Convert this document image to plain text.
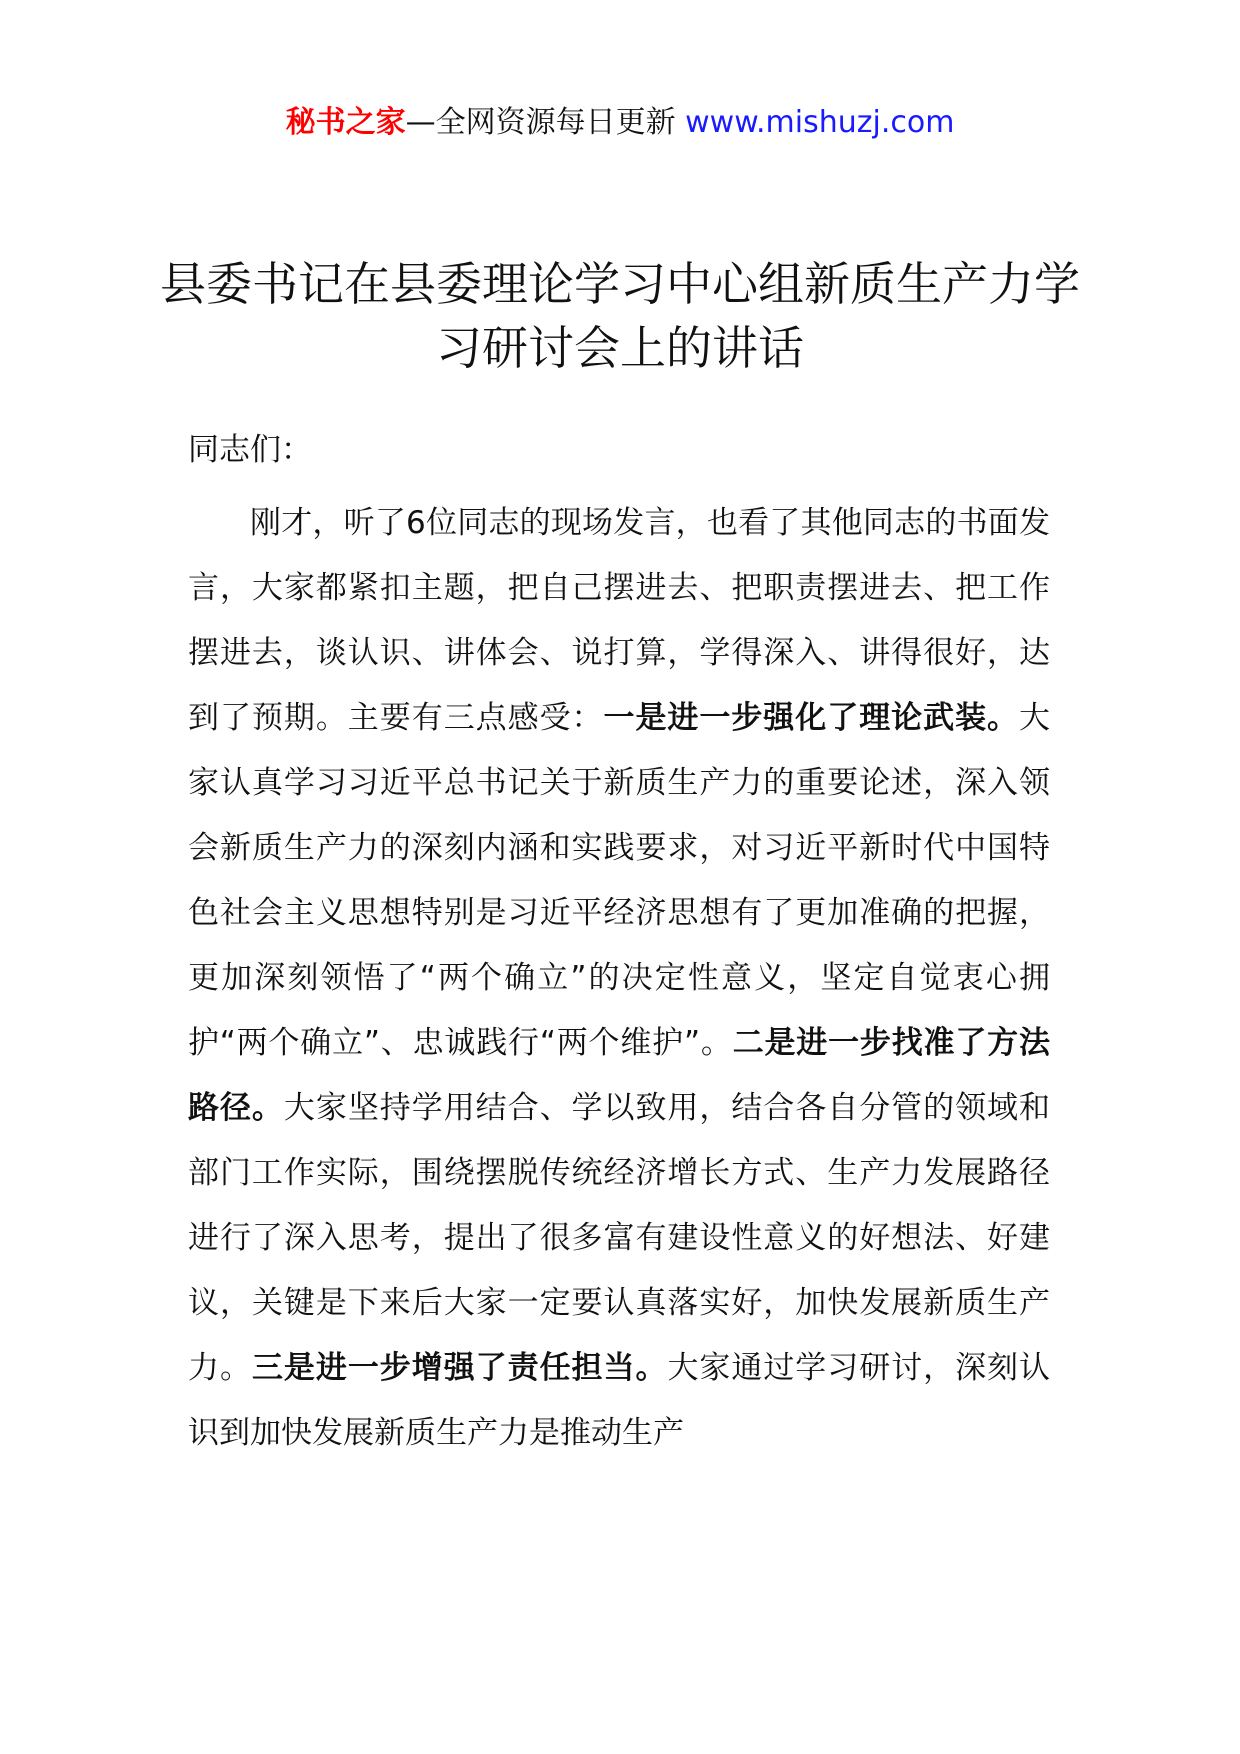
秘书之家—全网资源每日更新 www.mishuzj.com
县委书记在县委理论学习中心组新质生产力学习研讨会上的讲话

同志们：

刚才，听了6位同志的现场发言，也看了其他同志的书面发言，大家都紧扣主题，把自己摆进去、把职责摆进去、把工作摆进去，谈认识、讲体会、说打算，学得深入、讲得很好，达到了预期。主要有三点感受：一是进一步强化了理论武装。大家认真学习习近平总书记关于新质生产力的重要论述，深入领会新质生产力的深刻内涵和实践要求，对习近平新时代中国特色社会主义思想特别是习近平经济思想有了更加准确的把握，更加深刻领悟了“两个确立”的决定性意义，坚定自觉衷心拥护“两个确立”、忠诚践行“两个维护”。二是进一步找准了方法路径。大家坚持学用结合、学以致用，结合各自分管的领域和部门工作实际，围绕摆脱传统经济增长方式、生产力发展路径进行了深入思考，提出了很多富有建设性意义的好想法、好建议，关键是下来后大家一定要认真落实好，加快发展新质生产力。三是进一步增强了责任担当。大家通过学习研讨，深刻认识到加快发展新质生产力是推动生产
